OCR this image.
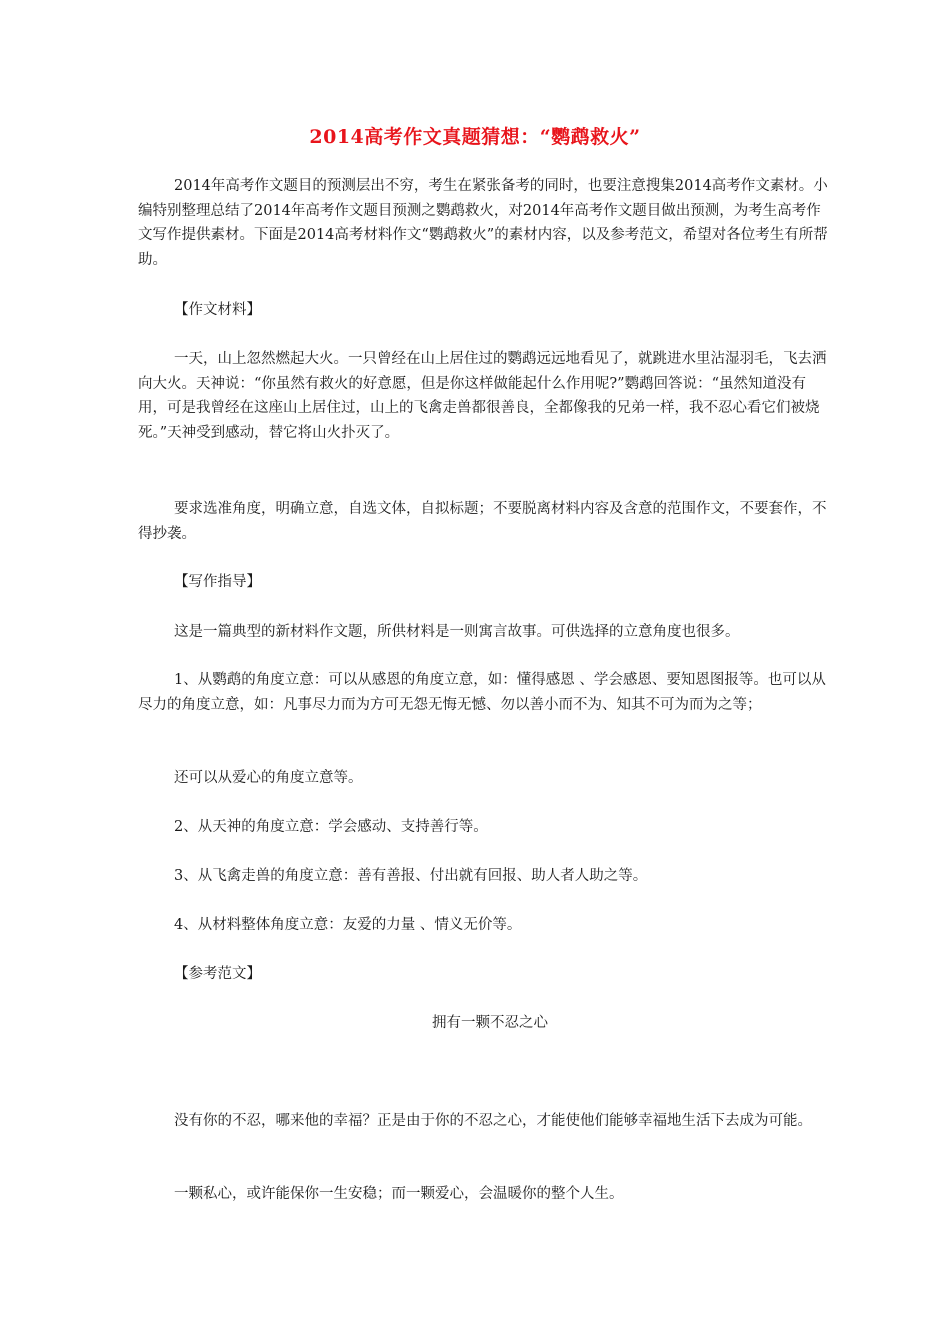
2014高考作文真题猜想：“鹦鹉救火”
2014年高考作文题目的预测层出不穷，考生在紧张备考的同时，也要注意搜集2014高考作文素材。小编特别整理总结了2014年高考作文题目预测之鹦鹉救火，对2014年高考作文题目做出预测，为考生高考作文写作提供素材。下面是2014高考材料作文“鹦鹉救火”的素材内容，以及参考范文，希望对各位考生有所帮助。
【作文材料】
一天，山上忽然燃起大火。一只曾经在山上居住过的鹦鹉远远地看见了，就跳进水里沾湿羽毛，飞去洒向大火。天神说：“你虽然有救火的好意愿，但是你这样做能起什么作用呢?”鹦鹉回答说：“虽然知道没有用，可是我曾经在这座山上居住过，山上的飞禽走兽都很善良，全都像我的兄弟一样，我不忍心看它们被烧死。”天神受到感动，替它将山火扑灭了。
要求选准角度，明确立意，自选文体，自拟标题；不要脱离材料内容及含意的范围作文，不要套作，不得抄袭。
【写作指导】
这是一篇典型的新材料作文题，所供材料是一则寓言故事。可供选择的立意角度也很多。
1、从鹦鹉的角度立意：可以从感恩的角度立意，如：懂得感恩 、学会感恩、要知恩图报等。也可以从尽力的角度立意，如：凡事尽力而为方可无怨无悔无憾、勿以善小而不为、知其不可为而为之等；
还可以从爱心的角度立意等。
2、从天神的角度立意：学会感动、支持善行等。
3、从飞禽走兽的角度立意：善有善报、付出就有回报、助人者人助之等。
4、从材料整体角度立意：友爱的力量 、情义无价等。
【参考范文】
拥有一颗不忍之心
没有你的不忍，哪来他的幸福？正是由于你的不忍之心，才能使他们能够幸福地生活下去成为可能。
一颗私心，或许能保你一生安稳；而一颗爱心，会温暖你的整个人生。
